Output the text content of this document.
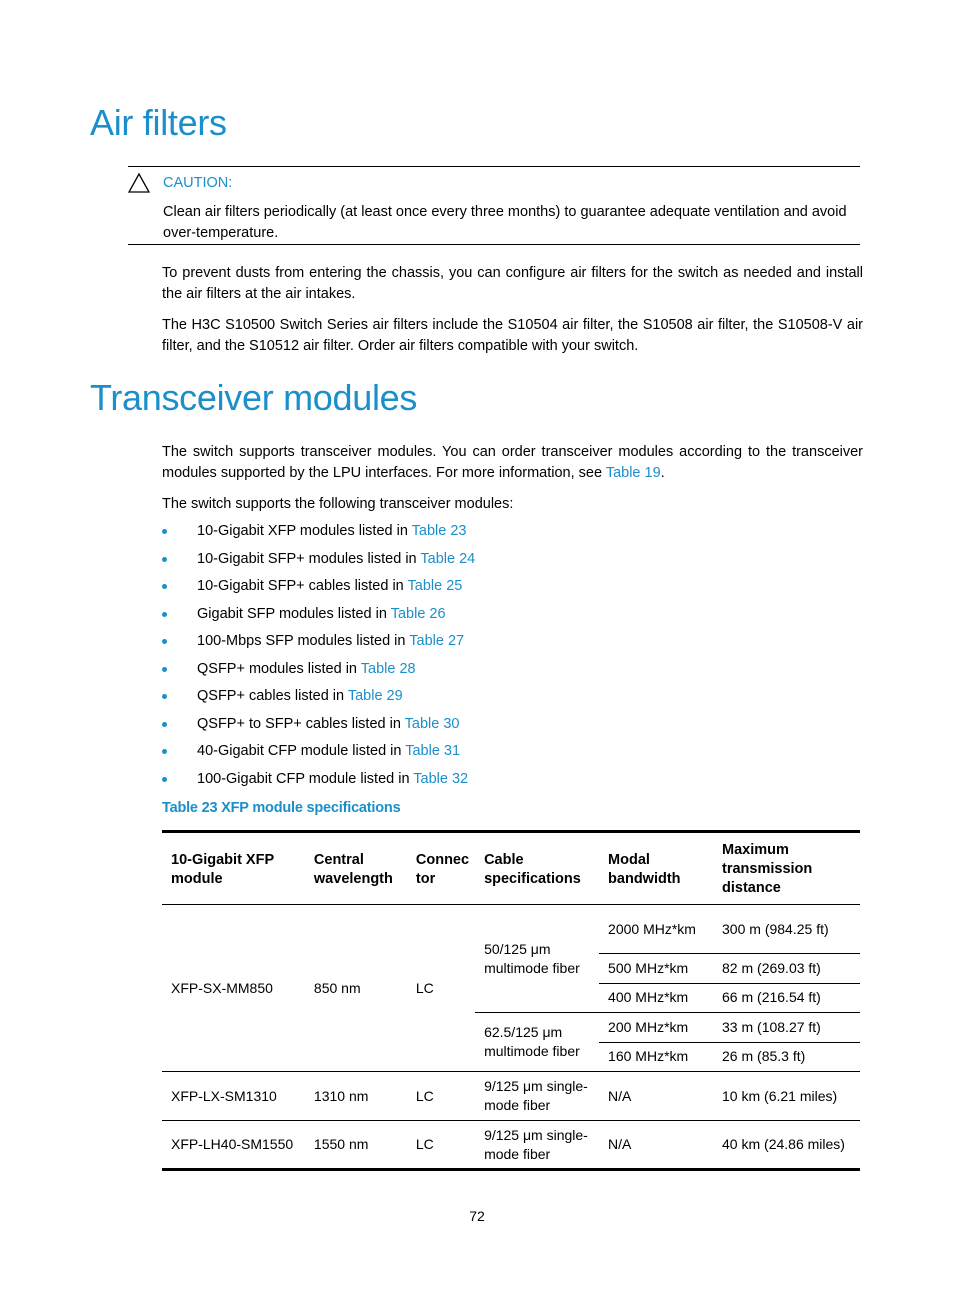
Air filters
CAUTION:
Clean air filters periodically (at least once every three months) to guarantee adequate ventilation and avoid over-temperature.

To prevent dusts from entering the chassis, you can configure air filters for the switch as needed and install the air filters at the air intakes.

The H3C S10500 Switch Series air filters include the S10504 air filter, the S10508 air filter, the S10508-V air filter, and the S10512 air filter. Order air filters compatible with your switch.

Transceiver modules

The switch supports transceiver modules. You can order transceiver modules according to the transceiver modules supported by the LPU interfaces. For more information, see Table 19.

The switch supports the following transceiver modules:

10-Gigabit XFP modules listed in Table 23
10-Gigabit SFP+ modules listed in Table 24
10-Gigabit SFP+ cables listed in Table 25
Gigabit SFP modules listed in Table 26
100-Mbps SFP modules listed in Table 27
QSFP+ modules listed in Table 28
QSFP+ cables listed in Table 29
QSFP+ to SFP+ cables listed in Table 30
40-Gigabit CFP module listed in Table 31
100-Gigabit CFP module listed in Table 32
Table 23 XFP module specifications
10-Gigabit XFP module	Central wavelength	Connec tor	Cable specifications	Modal bandwidth	Maximum transmission distance
XFP-SX-MM850	850 nm	LC	50/125 μm multimode fiber	2000 MHz*km	300 m (984.25 ft)
				500 MHz*km	82 m (269.03 ft)
				400 MHz*km	66 m (216.54 ft)
			62.5/125 μm multimode fiber	200 MHz*km	33 m (108.27 ft)
				160 MHz*km	26 m (85.3 ft)
XFP-LX-SM1310	1310 nm	LC	9/125 μm single-mode fiber	N/A	10 km (6.21 miles)
XFP-LH40-SM1550	1550 nm	LC	9/125 μm single-mode fiber	N/A	40 km (24.86 miles)
72
